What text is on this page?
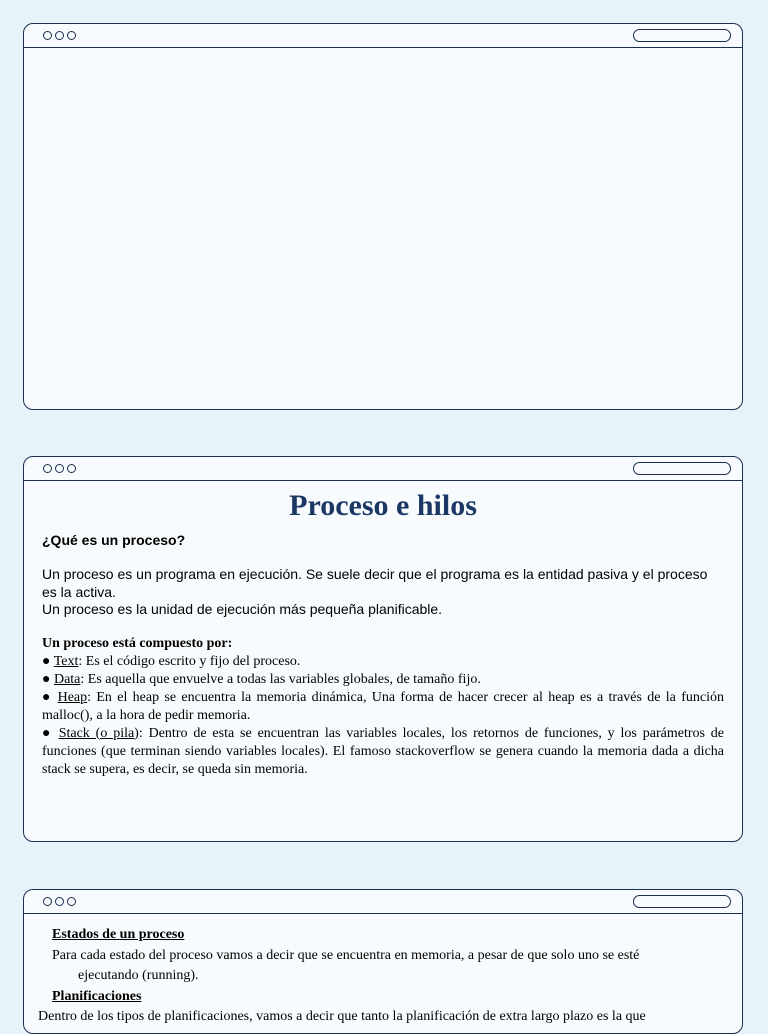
Proceso e hilos

¿Qué es un proceso?

Un proceso es un programa en ejecución. Se suele decir que el programa es la entidad pasiva y el proceso es la activa.
Un proceso es la unidad de ejecución más pequeña planificable.

Un proceso está compuesto por:
● Text: Es el código escrito y fijo del proceso.
● Data: Es aquella que envuelve a todas las variables globales, de tamaño fijo.
● Heap: En el heap se encuentra la memoria dinámica, Una forma de hacer crecer al heap es a través de la función malloc(), a la hora de pedir memoria.
● Stack (o pila): Dentro de esta se encuentran las variables locales, los retornos de funciones, y los parámetros de funciones (que terminan siendo variables locales). El famoso stackoverflow se genera cuando la memoria dada a dicha stack se supera, es decir, se queda sin memoria.
Estados de un proceso
Para cada estado del proceso vamos a decir que se encuentra en memoria, a pesar de que solo uno se esté
ejecutando (running).
Planificaciones
Dentro de los tipos de planificaciones, vamos a decir que tanto la planificación de extra largo plazo es la que
